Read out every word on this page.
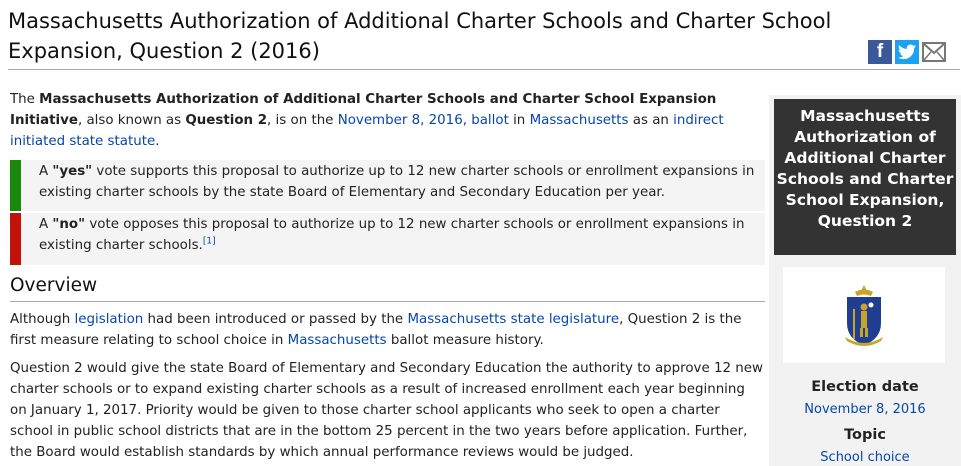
Massachusetts Authorization of Additional Charter Schools and Charter School Expansion, Question 2 (2016)	f

The Massachusetts Authorization of Additional Charter Schools and Charter School Expansion Initiative, also known as Question 2, is on the November 8, 2016, ballot in Massachusetts as an indirect initiated state statute.

A "yes" vote supports this proposal to authorize up to 12 new charter schools or enrollment expansions in existing charter schools by the state Board of Elementary and Secondary Education per year.
A "no" vote opposes this proposal to authorize up to 12 new charter schools or enrollment expansions in existing charter schools.[1]
Overview

Although legislation had been introduced or passed by the Massachusetts state legislature, Question 2 is the first measure relating to school choice in Massachusetts ballot measure history.

Question 2 would give the state Board of Elementary and Secondary Education the authority to approve 12 new charter schools or to expand existing charter schools as a result of increased enrollment each year beginning on January 1, 2017. Priority would be given to those charter school applicants who seek to open a charter school in public school districts that are in the bottom 25 percent in the two years before application. Further, the Board would establish standards by which annual performance reviews would be judged.

Massachusetts Authorization of Additional Charter Schools and Charter School Expansion, Question 2
Election date
November 8, 2016
Topic
School choice
